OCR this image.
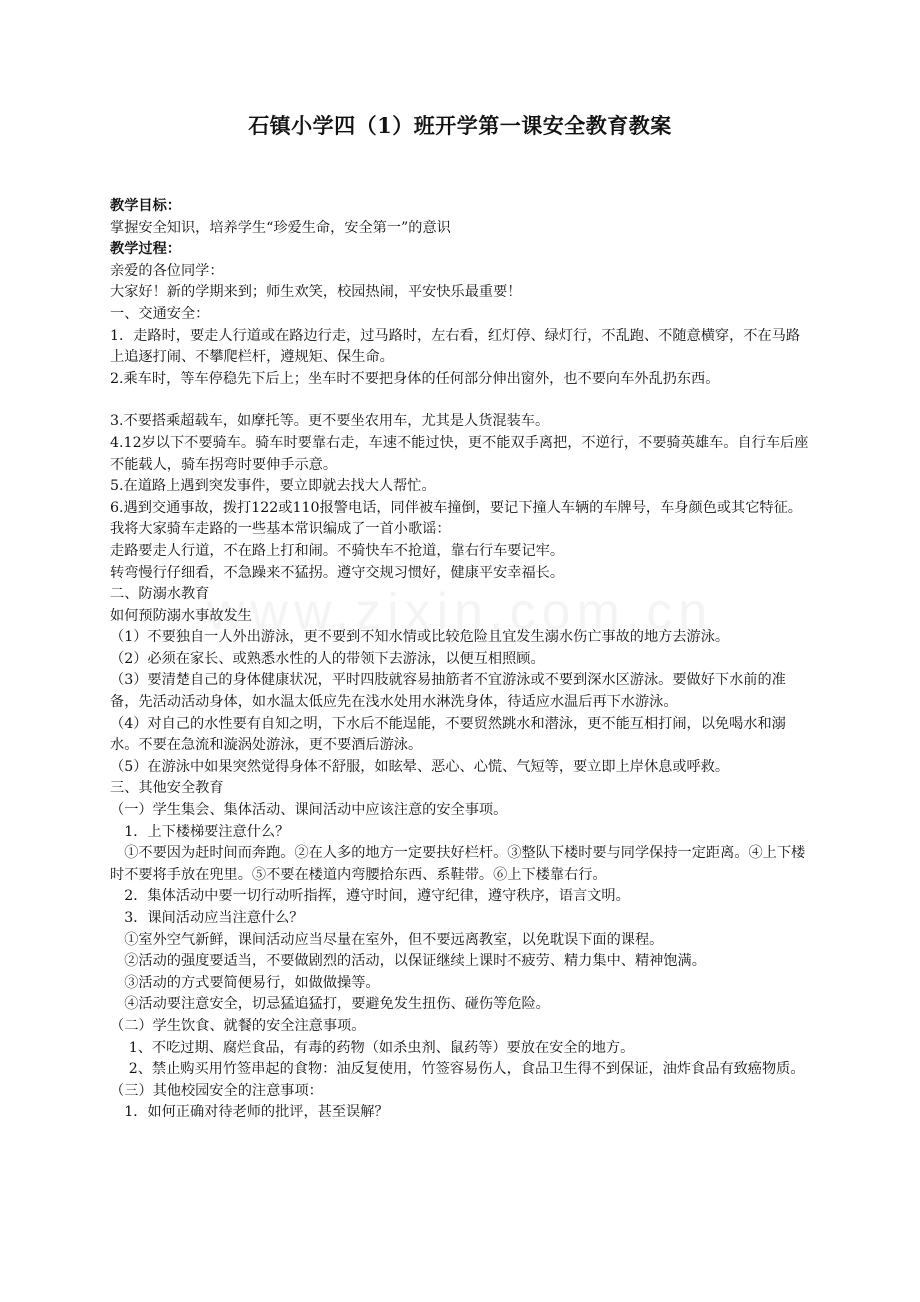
石镇小学四（1）班开学第一课安全教育教案

教学目标：

掌握安全知识，培养学生“珍爱生命，安全第一”的意识

教学过程：

亲爱的各位同学：

大家好！新的学期来到；师生欢笑，校园热闹，平安快乐最重要！

一、交通安全：

1．走路时，要走人行道或在路边行走，过马路时，左右看，红灯停、绿灯行，不乱跑、不随意横穿，不在马路上追逐打闹、不攀爬栏杆，遵规矩、保生命。

2.乘车时，等车停稳先下后上；坐车时不要把身体的任何部分伸出窗外，也不要向车外乱扔东西。

3.不要搭乘超载车，如摩托等。更不要坐农用车，尤其是人货混装车。

4.12岁以下不要骑车。骑车时要靠右走，车速不能过快，更不能双手离把，不逆行，不要骑英雄车。自行车后座不能载人，骑车拐弯时要伸手示意。

5.在道路上遇到突发事件，要立即就去找大人帮忙。

6.遇到交通事故，拨打122或110报警电话，同伴被车撞倒，要记下撞人车辆的车牌号，车身颜色或其它特征。我将大家骑车走路的一些基本常识编成了一首小歌谣：

走路要走人行道，不在路上打和闹。不骑快车不抢道，靠右行车要记牢。

转弯慢行仔细看，不急躁来不猛拐。遵守交规习惯好，健康平安幸福长。

二、防溺水教育

如何预防溺水事故发生

（1）不要独自一人外出游泳，更不要到不知水情或比较危险且宜发生溺水伤亡事故的地方去游泳。

（2）必须在家长、或熟悉水性的人的带领下去游泳，以便互相照顾。

（3）要清楚自己的身体健康状况，平时四肢就容易抽筋者不宜游泳或不要到深水区游泳。要做好下水前的准备，先活动活动身体，如水温太低应先在浅水处用水淋洗身体，待适应水温后再下水游泳。

（4）对自己的水性要有自知之明，下水后不能逞能，不要贸然跳水和潜泳，更不能互相打闹，以免喝水和溺水。不要在急流和漩涡处游泳，更不要酒后游泳。

（5）在游泳中如果突然觉得身体不舒服，如眩晕、恶心、心慌、气短等，要立即上岸休息或呼救。

三、其他安全教育

（一）学生集会、集体活动、课间活动中应该注意的安全事项。

　1．上下楼梯要注意什么？

　①不要因为赶时间而奔跑。②在人多的地方一定要扶好栏杆。③整队下楼时要与同学保持一定距离。④上下楼时不要将手放在兜里。⑤不要在楼道内弯腰拾东西、系鞋带。⑥上下楼靠右行。

　2．集体活动中要一切行动听指挥，遵守时间，遵守纪律，遵守秩序，语言文明。

　3．课间活动应当注意什么？

　①室外空气新鲜，课间活动应当尽量在室外，但不要远离教室，以免耽误下面的课程。

　②活动的强度要适当，不要做剧烈的活动，以保证继续上课时不疲劳、精力集中、精神饱满。

　③活动的方式要简便易行，如做做操等。

　④活动要注意安全，切忌猛追猛打，要避免发生扭伤、碰伤等危险。

（二）学生饮食、就餐的安全注意事项。

　 1、不吃过期、腐烂食品，有毒的药物（如杀虫剂、鼠药等）要放在安全的地方。

　 2、禁止购买用竹签串起的食物：油反复使用，竹签容易伤人，食品卫生得不到保证，油炸食品有致癌物质。

（三）其他校园安全的注意事项：

　1．如何正确对待老师的批评，甚至误解？
